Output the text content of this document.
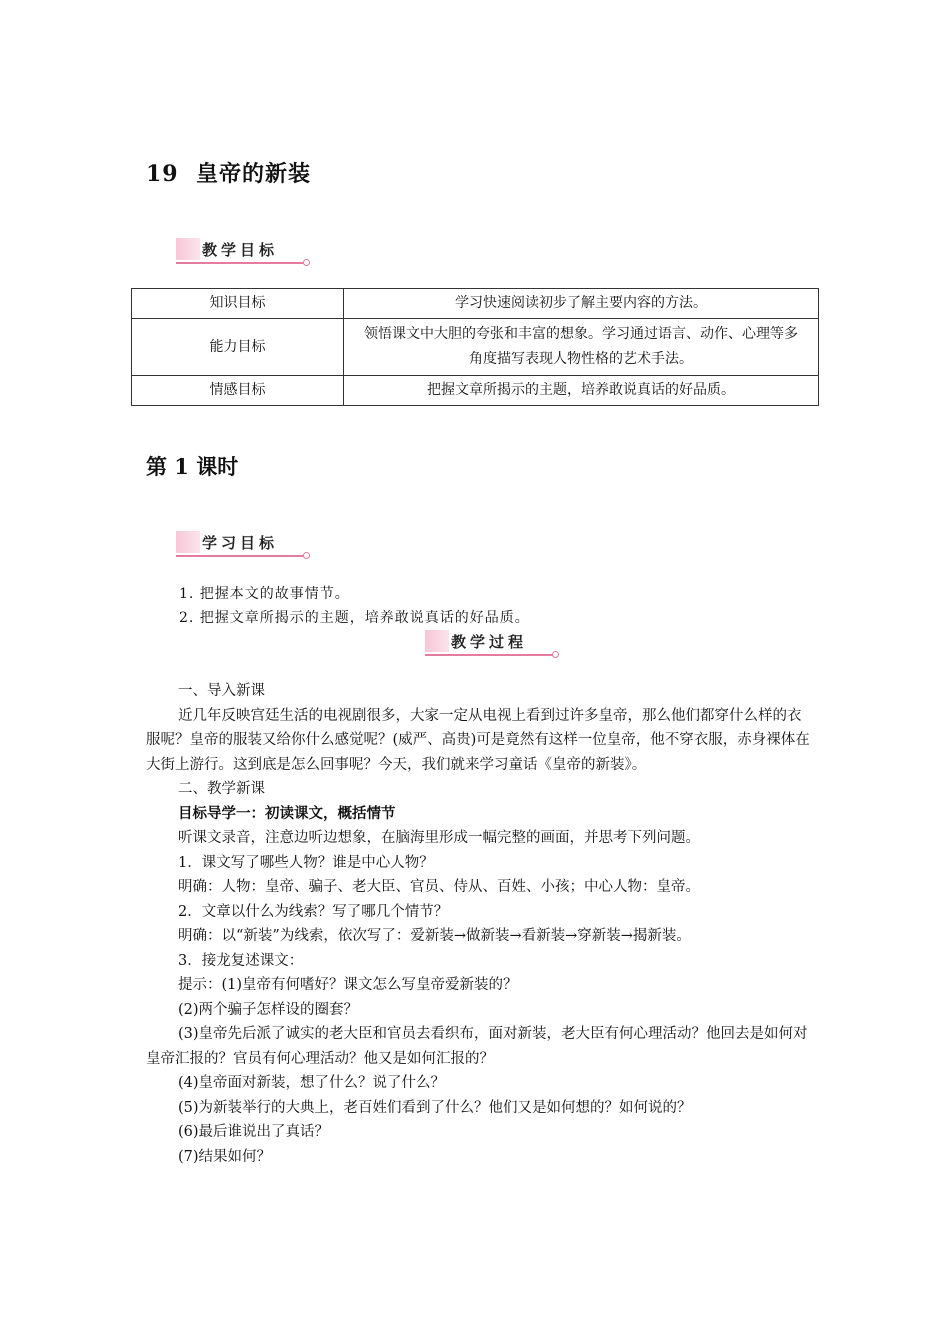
19 皇帝的新装
教学目标
知识目标	学习快速阅读初步了解主要内容的方法。
能力目标	领悟课文中大胆的夸张和丰富的想象。学习通过语言、动作、心理等多角度描写表现人物性格的艺术手法。
情感目标	把握文章所揭示的主题，培养敢说真话的好品质。
第 1 课时
学习目标
1. 把握本文的故事情节。
2. 把握文章所揭示的主题，培养敢说真话的好品质。
教学过程

一、导入新课

近几年反映宫廷生活的电视剧很多，大家一定从电视上看到过许多皇帝，那么他们都穿什么样的衣服呢？皇帝的服装又给你什么感觉呢？(威严、高贵)可是竟然有这样一位皇帝，他不穿衣服，赤身裸体在大街上游行。这到底是怎么回事呢？今天，我们就来学习童话《皇帝的新装》。

二、教学新课

目标导学一：初读课文，概括情节

听课文录音，注意边听边想象，在脑海里形成一幅完整的画面，并思考下列问题。

1．课文写了哪些人物？谁是中心人物？

明确：人物：皇帝、骗子、老大臣、官员、侍从、百姓、小孩；中心人物：皇帝。

2．文章以什么为线索？写了哪几个情节？

明确：以“新装”为线索，依次写了：爱新装→做新装→看新装→穿新装→揭新装。

3．接龙复述课文：

提示：(1)皇帝有何嗜好？课文怎么写皇帝爱新装的？

(2)两个骗子怎样设的圈套？

(3)皇帝先后派了诚实的老大臣和官员去看织布，面对新装，老大臣有何心理活动？他回去是如何对皇帝汇报的？官员有何心理活动？他又是如何汇报的？

(4)皇帝面对新装，想了什么？说了什么？

(5)为新装举行的大典上，老百姓们看到了什么？他们又是如何想的？如何说的？

(6)最后谁说出了真话？

(7)结果如何？
